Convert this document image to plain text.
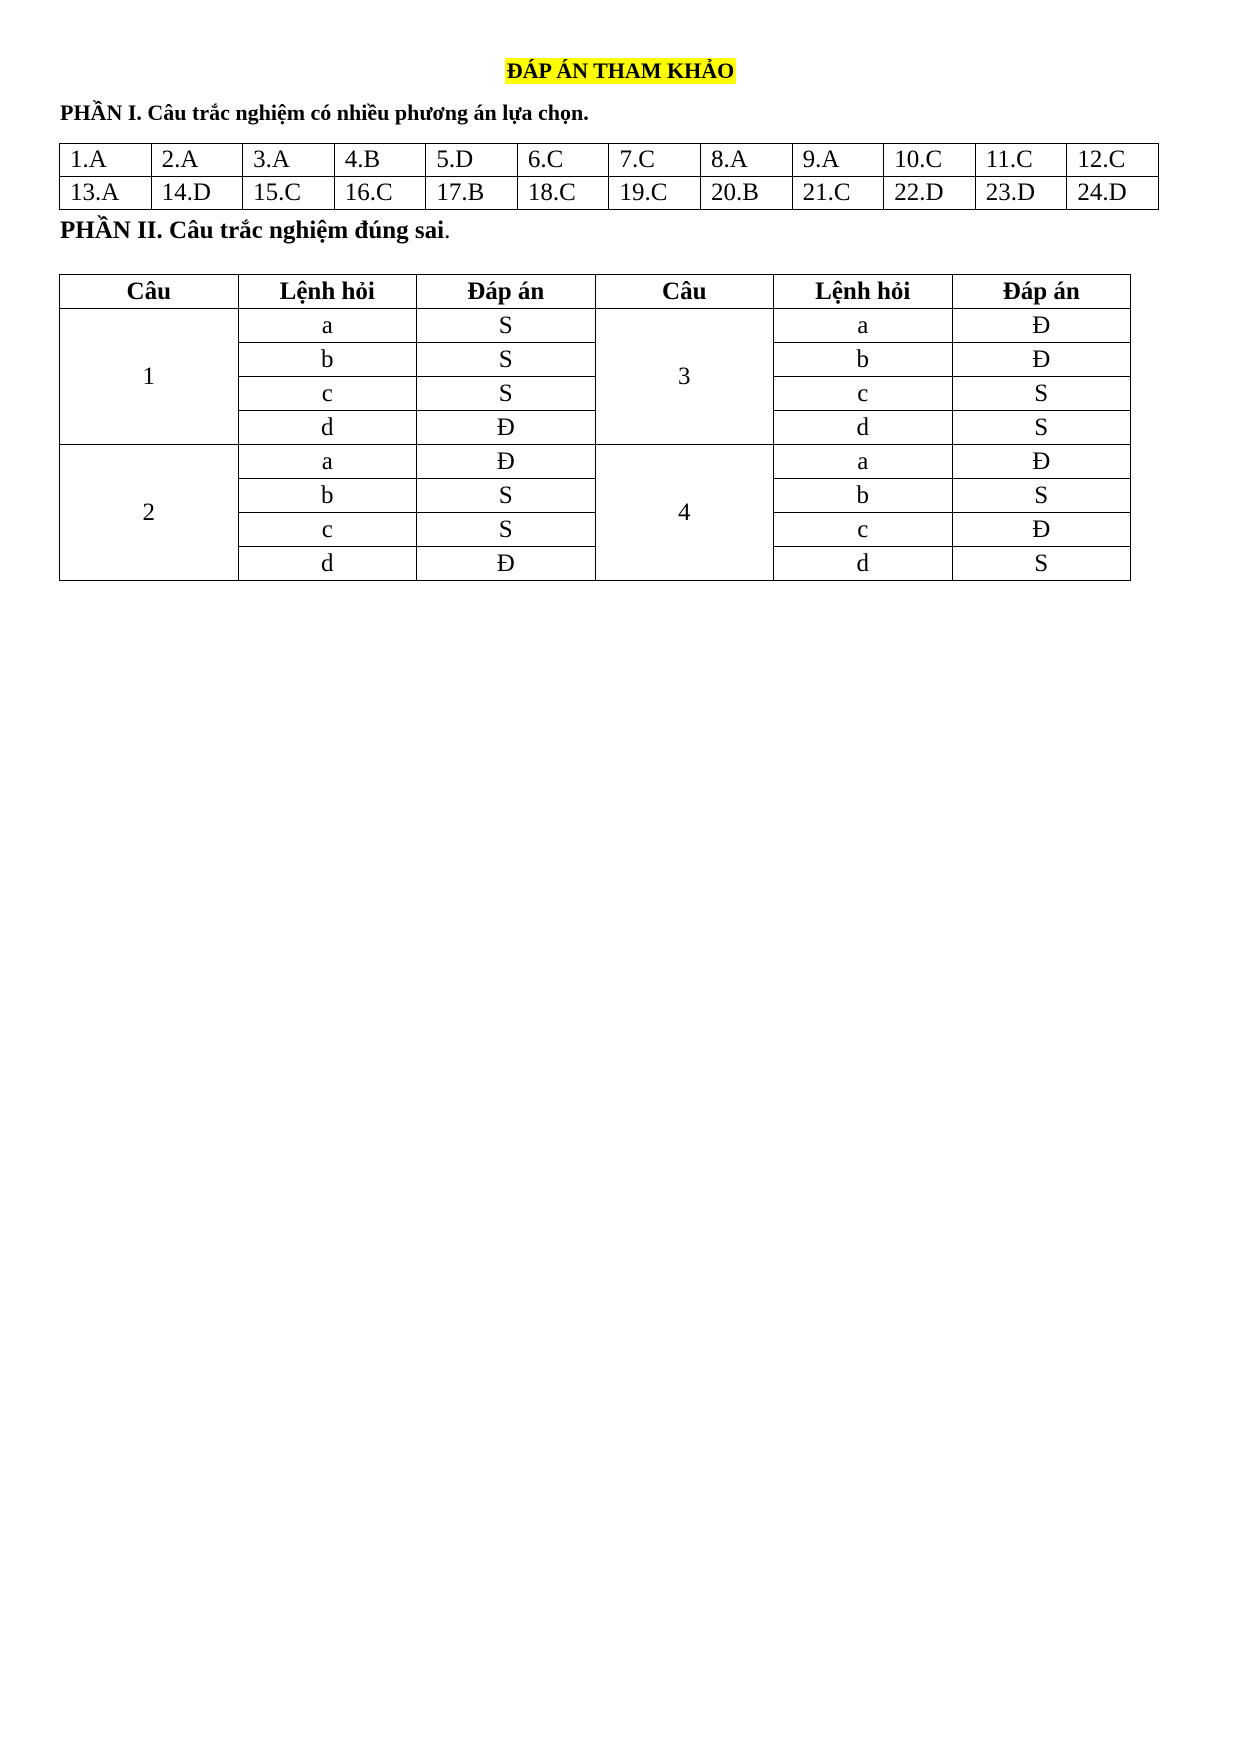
ĐÁP ÁN THAM KHẢO
PHẦN I. Câu trắc nghiệm có nhiều phương án lựa chọn.
1.A	2.A	3.A	4.B	5.D	6.C	7.C	8.A	9.A	10.C	11.C	12.C
13.A	14.D	15.C	16.C	17.B	18.C	19.C	20.B	21.C	22.D	23.D	24.D
PHẦN II. Câu trắc nghiệm đúng sai.
Câu	Lệnh hỏi	Đáp án	Câu	Lệnh hỏi	Đáp án
1	a	S	3	a	Đ
	b	S		b	Đ
	c	S		c	S
	d	Đ		d	S
2	a	Đ	4	a	Đ
	b	S		b	S
	c	S		c	Đ
	d	Đ		d	S
